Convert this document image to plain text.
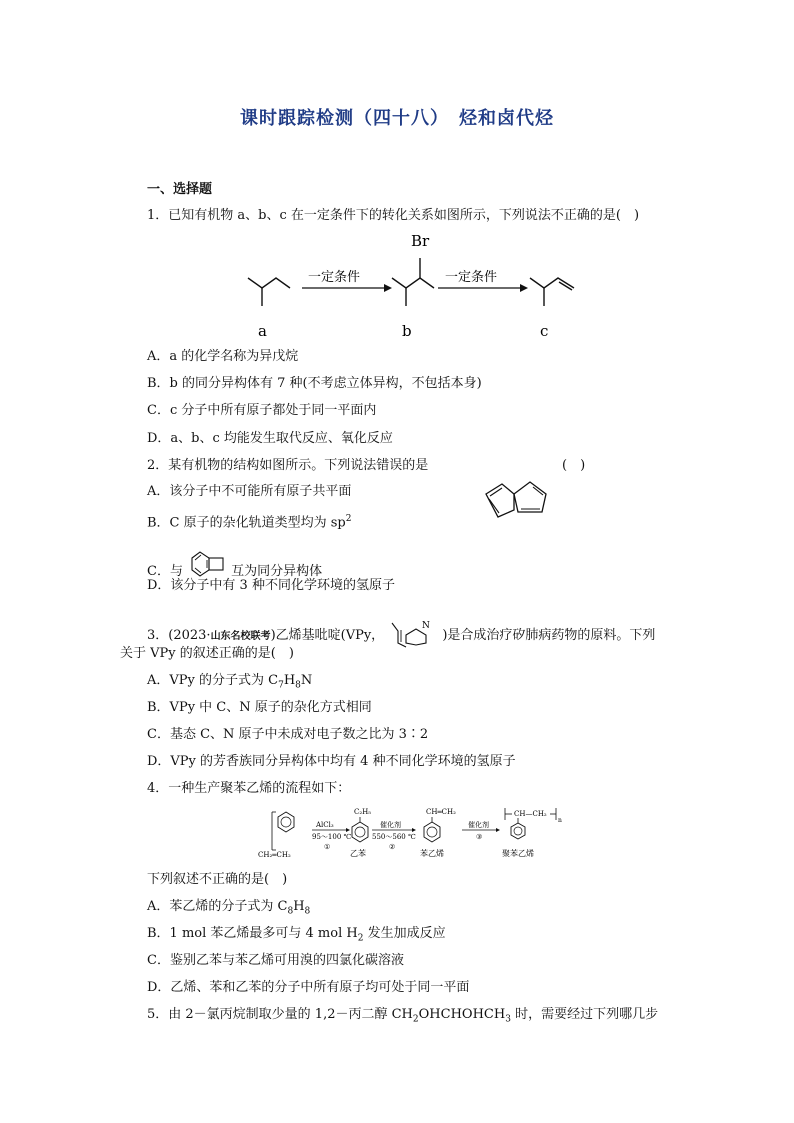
课时跟踪检测（四十八）　烃和卤代烃
一、选择题
1．已知有机物 a、b、c 在一定条件下的转化关系如图所示，下列说法不正确的是(　)
一定条件
Br
一定条件
a	b	c
A．a 的化学名称为异戊烷
B．b 的同分异构体有 7 种(不考虑立体异构，不包括本身)
C．c 分子中所有原子都处于同一平面内
D．a、b、c 均能发生取代反应、氧化反应
2．某有机物的结构如图所示。下列说法错误的是	(　)
A．该分子中不可能所有原子共平面
B．C 原子的杂化轨道类型均为 $sp^2$
C．与	互为同分异构体
D．该分子中有 3 种不同化学环境的氢原子
3．(2023·山东名校联考)乙烯基吡啶(VPy，
N
)是合成治疗矽肺病药物的原料。下列
关于 VPy 的叙述正确的是(　)
A．VPy 的分子式为 $C_7H_8N$
B．VPy 中 C、N 原子的杂化方式相同
C．基态 C、N 原子中未成对电子数之比为 3∶2
D．VPy 的芳香族同分异构体中均有 4 种不同化学环境的氢原子
4．一种生产聚苯乙烯的流程如下：
CH₂═CH₂
AlCl₃
95～100 ℃
①
C₂H₅
乙苯
催化剂
550～560 ℃
②
CH═CH₂
苯乙烯
催化剂
③
CH—CH₂
n
聚苯乙烯
下列叙述不正确的是(　)
A．苯乙烯的分子式为 $C_8H_8$
B．1 mol 苯乙烯最多可与 4 mol $H_2$ 发生加成反应
C．鉴别乙苯与苯乙烯可用溴的四氯化碳溶液
D．乙烯、苯和乙苯的分子中所有原子均可处于同一平面
5．由 2－氯丙烷制取少量的 1,2－丙二醇 $CH_2OHCHOHCH_3$ 时，需要经过下列哪几步
